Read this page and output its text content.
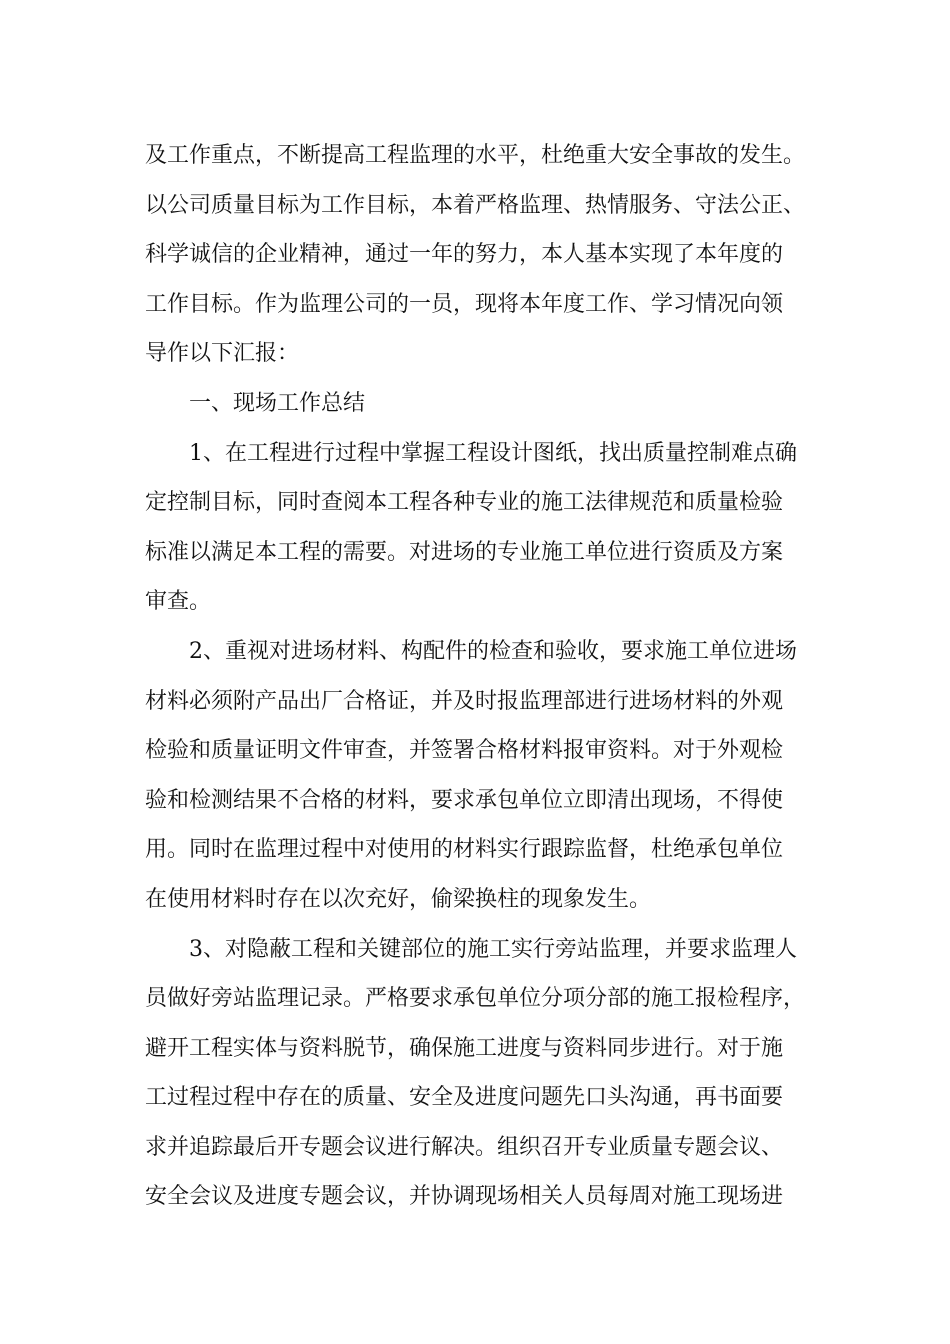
及工作重点，不断提高工程监理的水平，杜绝重大安全事故的发生。
以公司质量目标为工作目标，本着严格监理、热情服务、守法公正、
科学诚信的企业精神，通过一年的努力，本人基本实现了本年度的
工作目标。作为监理公司的一员，现将本年度工作、学习情况向领
导作以下汇报：
一、现场工作总结
1、在工程进行过程中掌握工程设计图纸，找出质量控制难点确
定控制目标，同时查阅本工程各种专业的施工法律规范和质量检验
标准以满足本工程的需要。对进场的专业施工单位进行资质及方案
审查。
2、重视对进场材料、构配件的检查和验收，要求施工单位进场
材料必须附产品出厂合格证，并及时报监理部进行进场材料的外观
检验和质量证明文件审查，并签署合格材料报审资料。对于外观检
验和检测结果不合格的材料，要求承包单位立即清出现场，不得使
用。同时在监理过程中对使用的材料实行跟踪监督，杜绝承包单位
在使用材料时存在以次充好，偷梁换柱的现象发生。
3、对隐蔽工程和关键部位的施工实行旁站监理，并要求监理人
员做好旁站监理记录。严格要求承包单位分项分部的施工报检程序，
避开工程实体与资料脱节，确保施工进度与资料同步进行。对于施
工过程过程中存在的质量、安全及进度问题先口头沟通，再书面要
求并追踪最后开专题会议进行解决。组织召开专业质量专题会议、
安全会议及进度专题会议，并协调现场相关人员每周对施工现场进
